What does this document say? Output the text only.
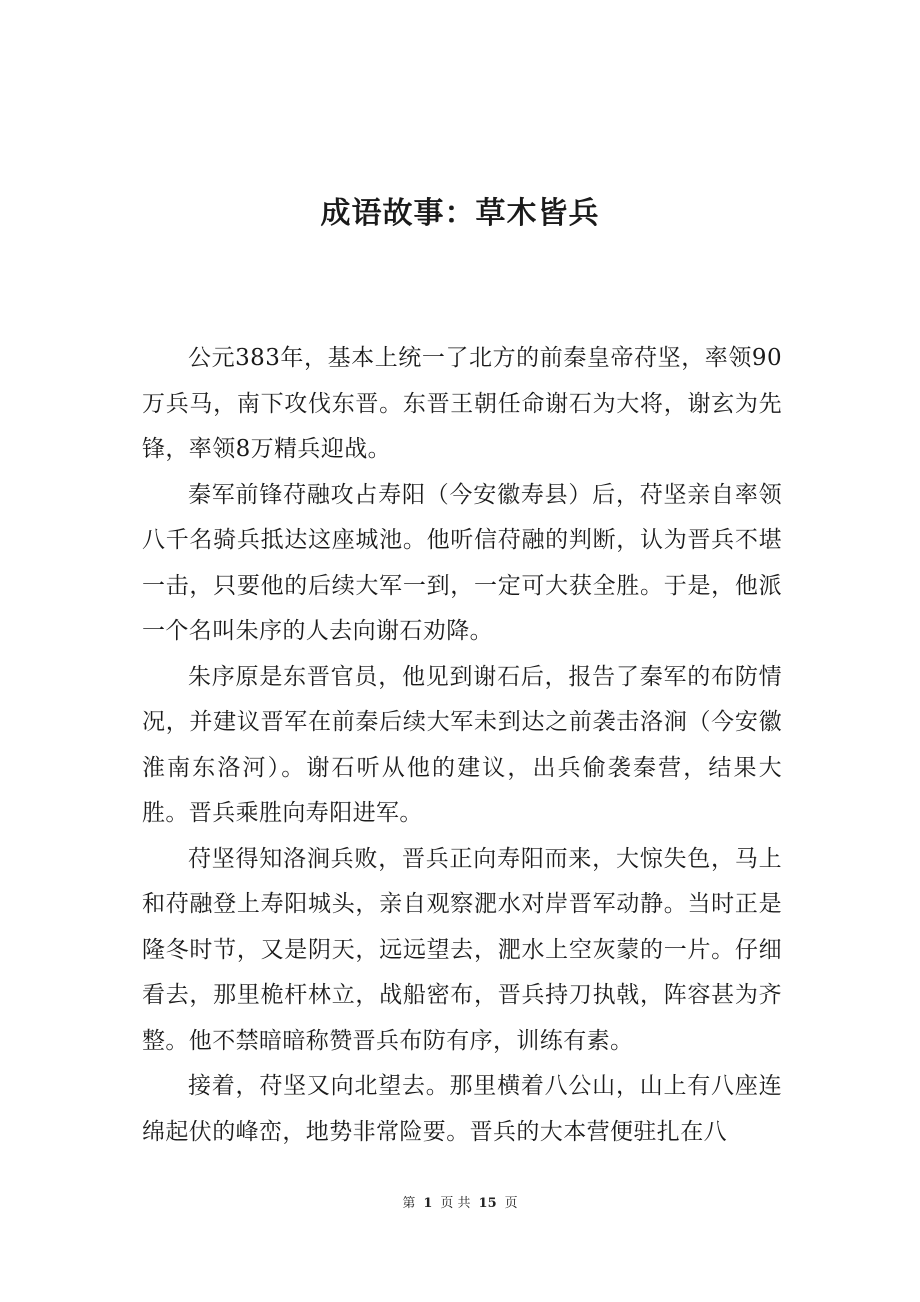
成语故事：草木皆兵

公元383年，基本上统一了北方的前秦皇帝苻坚，率领90万兵马，南下攻伐东晋。东晋王朝任命谢石为大将，谢玄为先锋，率领8万精兵迎战。

秦军前锋苻融攻占寿阳（今安徽寿县）后，苻坚亲自率领八千名骑兵抵达这座城池。他听信苻融的判断，认为晋兵不堪一击，只要他的后续大军一到，一定可大获全胜。于是，他派一个名叫朱序的人去向谢石劝降。

朱序原是东晋官员，他见到谢石后，报告了秦军的布防情况，并建议晋军在前秦后续大军未到达之前袭击洛涧（今安徽淮南东洛河）。谢石听从他的建议，出兵偷袭秦营，结果大胜。晋兵乘胜向寿阳进军。

苻坚得知洛涧兵败，晋兵正向寿阳而来，大惊失色，马上和苻融登上寿阳城头，亲自观察淝水对岸晋军动静。当时正是隆冬时节，又是阴天，远远望去，淝水上空灰蒙的一片。仔细看去，那里桅杆林立，战船密布，晋兵持刀执戟，阵容甚为齐整。他不禁暗暗称赞晋兵布防有序，训练有素。

接着，苻坚又向北望去。那里横着八公山，山上有八座连绵起伏的峰峦，地势非常险要。晋兵的大本营便驻扎在八

第 1 页 共 15 页
